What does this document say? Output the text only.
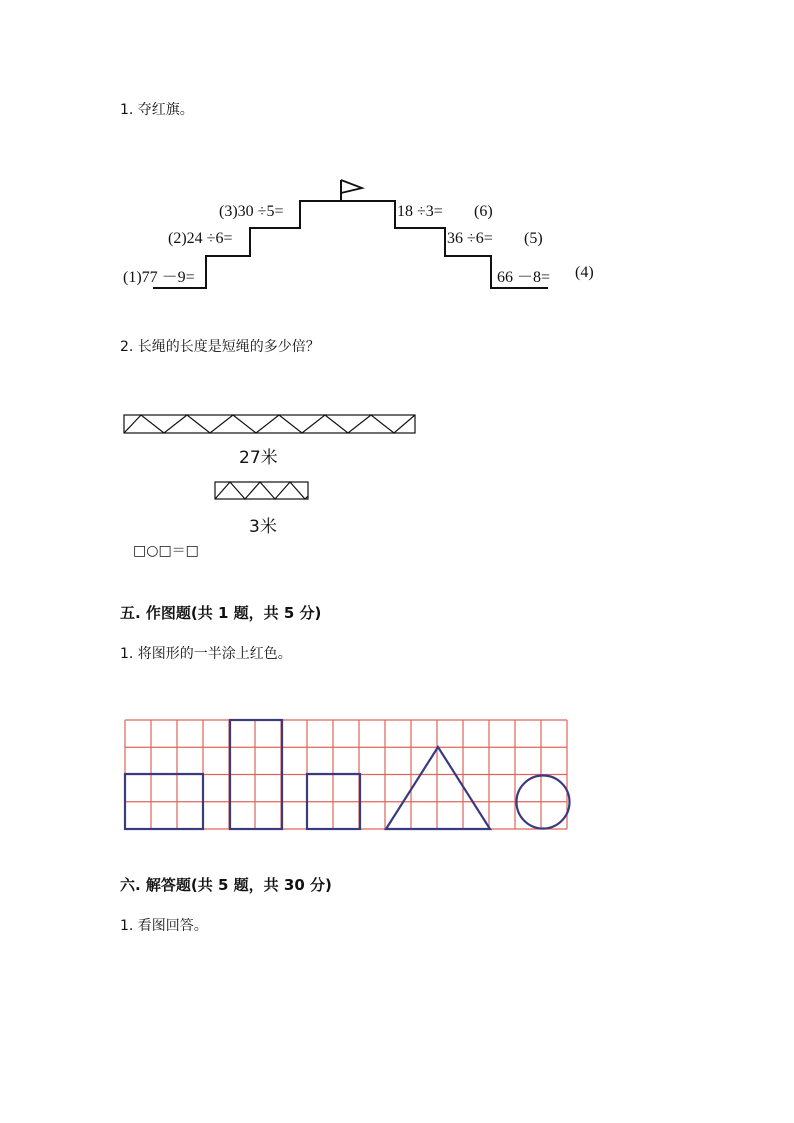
1. 夺红旗。
(1)77 －9=
(2)24 ÷6=
(3)30 ÷5=	18 ÷3= (6)
36 ÷6= (5)
66 －8= (4)
2. 长绳的长度是短绳的多少倍？
27米
3米
□○□＝□
五. 作图题(共 1 题，共 5 分)
1. 将图形的一半涂上红色。
六. 解答题(共 5 题，共 30 分)
1. 看图回答。
